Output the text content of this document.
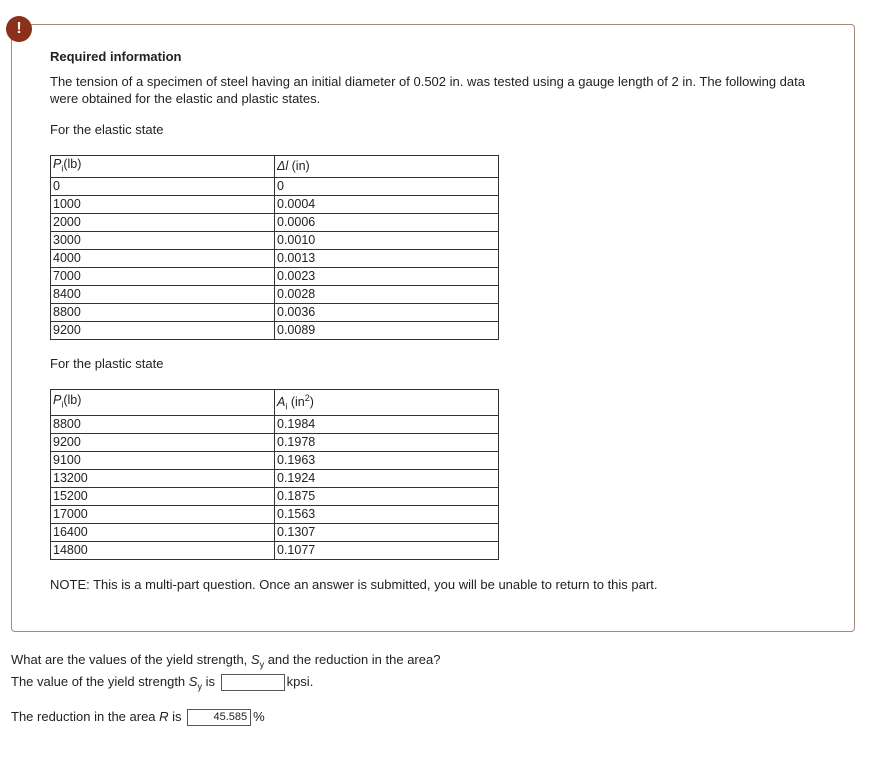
Required information
The tension of a specimen of steel having an initial diameter of 0.502 in. was tested using a gauge length of 2 in. The following data were obtained for the elastic and plastic states.
For the elastic state
$P_i(lb)$	Δl (in)
0	0
1000	0.0004
2000	0.0006
3000	0.0010
4000	0.0013
7000	0.0023
8400	0.0028
8800	0.0036
9200	0.0089
For the plastic state
$P_i(lb)$	$A_i$ $(in^2)$
8800	0.1984
9200	0.1978
9100	0.1963
13200	0.1924
15200	0.1875
17000	0.1563
16400	0.1307
14800	0.1077
NOTE: This is a multi-part question. Once an answer is submitted, you will be unable to return to this part.
!
What are the values of the yield strength, $S_y$ and the reduction in the area?
The value of the yield strength $S_y$ is	kpsi.
The reduction in the area R is	45.585 %
